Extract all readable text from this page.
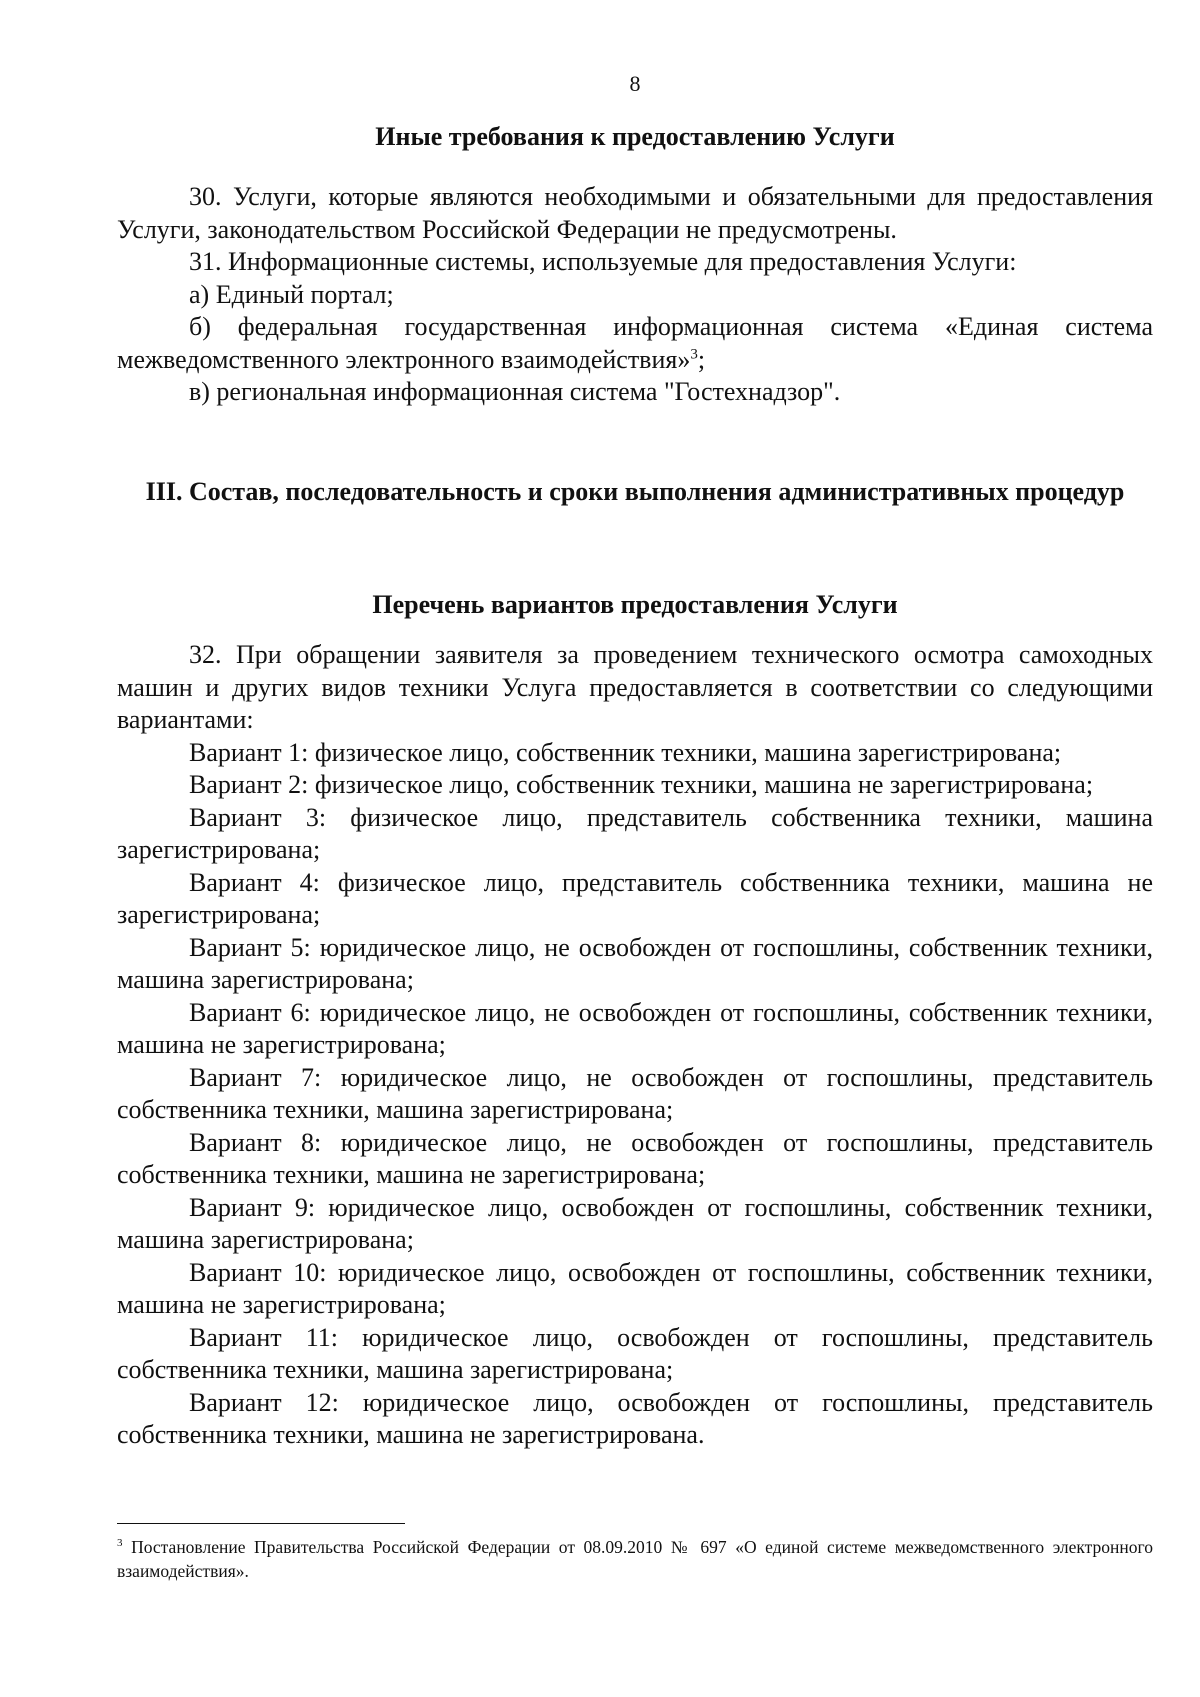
8
Иные требования к предоставлению Услуги

30. Услуги, которые являются необходимыми и обязательными для предоставления Услуги, законодательством Российской Федерации не предусмотрены.

31. Информационные системы, используемые для предоставления Услуги:

а) Единый портал;

б) федеральная государственная информационная система «Единая система межведомственного электронного взаимодействия»$^3$;

в) региональная информационная система "Гостехнадзор".

III. Состав, последовательность и сроки выполнения административных процедур
Перечень вариантов предоставления Услуги

32. При обращении заявителя за проведением технического осмотра самоходных машин и других видов техники Услуга предоставляется в соответствии со следующими вариантами:

Вариант 1: физическое лицо, собственник техники, машина зарегистрирована;

Вариант 2: физическое лицо, собственник техники, машина не зарегистрирована;

Вариант 3: физическое лицо, представитель собственника техники, машина зарегистрирована;

Вариант 4: физическое лицо, представитель собственника техники, машина не зарегистрирована;

Вариант 5: юридическое лицо, не освобожден от госпошлины, собственник техники, машина зарегистрирована;

Вариант 6: юридическое лицо, не освобожден от госпошлины, собственник техники, машина не зарегистрирована;

Вариант 7: юридическое лицо, не освобожден от госпошлины, представитель собственника техники, машина зарегистрирована;

Вариант 8: юридическое лицо, не освобожден от госпошлины, представитель собственника техники, машина не зарегистрирована;

Вариант 9: юридическое лицо, освобожден от госпошлины, собственник техники, машина зарегистрирована;

Вариант 10: юридическое лицо, освобожден от госпошлины, собственник техники, машина не зарегистрирована;

Вариант 11: юридическое лицо, освобожден от госпошлины, представитель собственника техники, машина зарегистрирована;

Вариант 12: юридическое лицо, освобожден от госпошлины, представитель собственника техники, машина не зарегистрирована.

$^3$ Постановление Правительства Российской Федерации от 08.09.2010 № 697 «О единой системе межведомственного электронного взаимодействия».
